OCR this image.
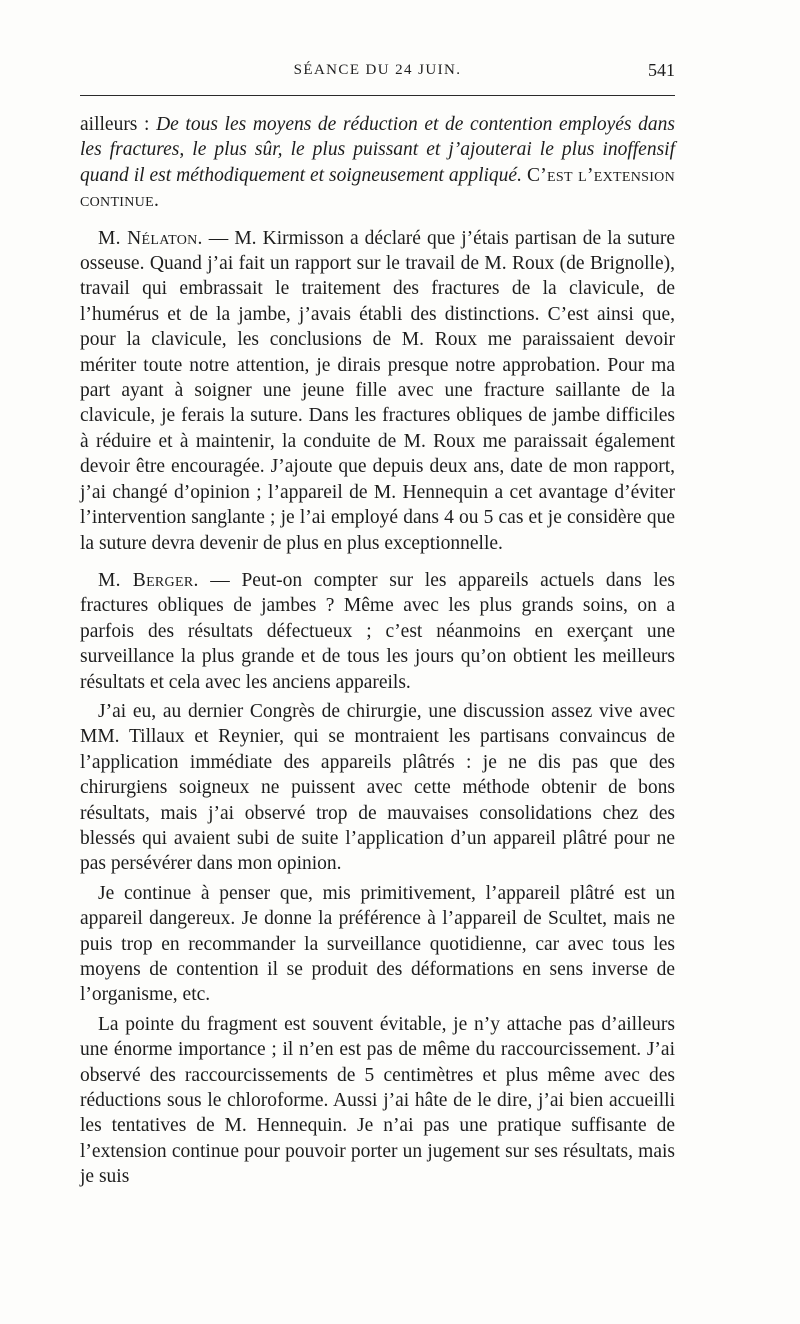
SÉANCE DU 24 JUIN.	541

ailleurs : De tous les moyens de réduction et de contention employés dans les fractures, le plus sûr, le plus puissant et j’ajouterai le plus inoffensif quand il est méthodiquement et soigneusement appliqué. C’est l’extension continue.

M. Nélaton. — M. Kirmisson a déclaré que j’étais partisan de la suture osseuse. Quand j’ai fait un rapport sur le travail de M. Roux (de Brignolle), travail qui embrassait le traitement des fractures de la clavicule, de l’humérus et de la jambe, j’avais établi des distinctions. C’est ainsi que, pour la clavicule, les conclusions de M. Roux me paraissaient devoir mériter toute notre attention, je dirais presque notre approbation. Pour ma part ayant à soigner une jeune fille avec une fracture saillante de la clavicule, je ferais la suture. Dans les fractures obliques de jambe difficiles à réduire et à maintenir, la conduite de M. Roux me paraissait également devoir être encouragée. J’ajoute que depuis deux ans, date de mon rapport, j’ai changé d’opinion ; l’appareil de M. Hennequin a cet avantage d’éviter l’intervention sanglante ; je l’ai employé dans 4 ou 5 cas et je considère que la suture devra devenir de plus en plus exceptionnelle.

M. Berger. — Peut-on compter sur les appareils actuels dans les fractures obliques de jambes ? Même avec les plus grands soins, on a parfois des résultats défectueux ; c’est néanmoins en exerçant une surveillance la plus grande et de tous les jours qu’on obtient les meilleurs résultats et cela avec les anciens appareils.

J’ai eu, au dernier Congrès de chirurgie, une discussion assez vive avec MM. Tillaux et Reynier, qui se montraient les partisans convaincus de l’application immédiate des appareils plâtrés : je ne dis pas que des chirurgiens soigneux ne puissent avec cette méthode obtenir de bons résultats, mais j’ai observé trop de mauvaises consolidations chez des blessés qui avaient subi de suite l’application d’un appareil plâtré pour ne pas persévérer dans mon opinion.

Je continue à penser que, mis primitivement, l’appareil plâtré est un appareil dangereux. Je donne la préférence à l’appareil de Scultet, mais ne puis trop en recommander la surveillance quotidienne, car avec tous les moyens de contention il se produit des déformations en sens inverse de l’organisme, etc.

La pointe du fragment est souvent évitable, je n’y attache pas d’ailleurs une énorme importance ; il n’en est pas de même du raccourcissement. J’ai observé des raccourcissements de 5 centimètres et plus même avec des réductions sous le chloroforme. Aussi j’ai hâte de le dire, j’ai bien accueilli les tentatives de M. Hennequin. Je n’ai pas une pratique suffisante de l’extension continue pour pouvoir porter un jugement sur ses résultats, mais je suis
